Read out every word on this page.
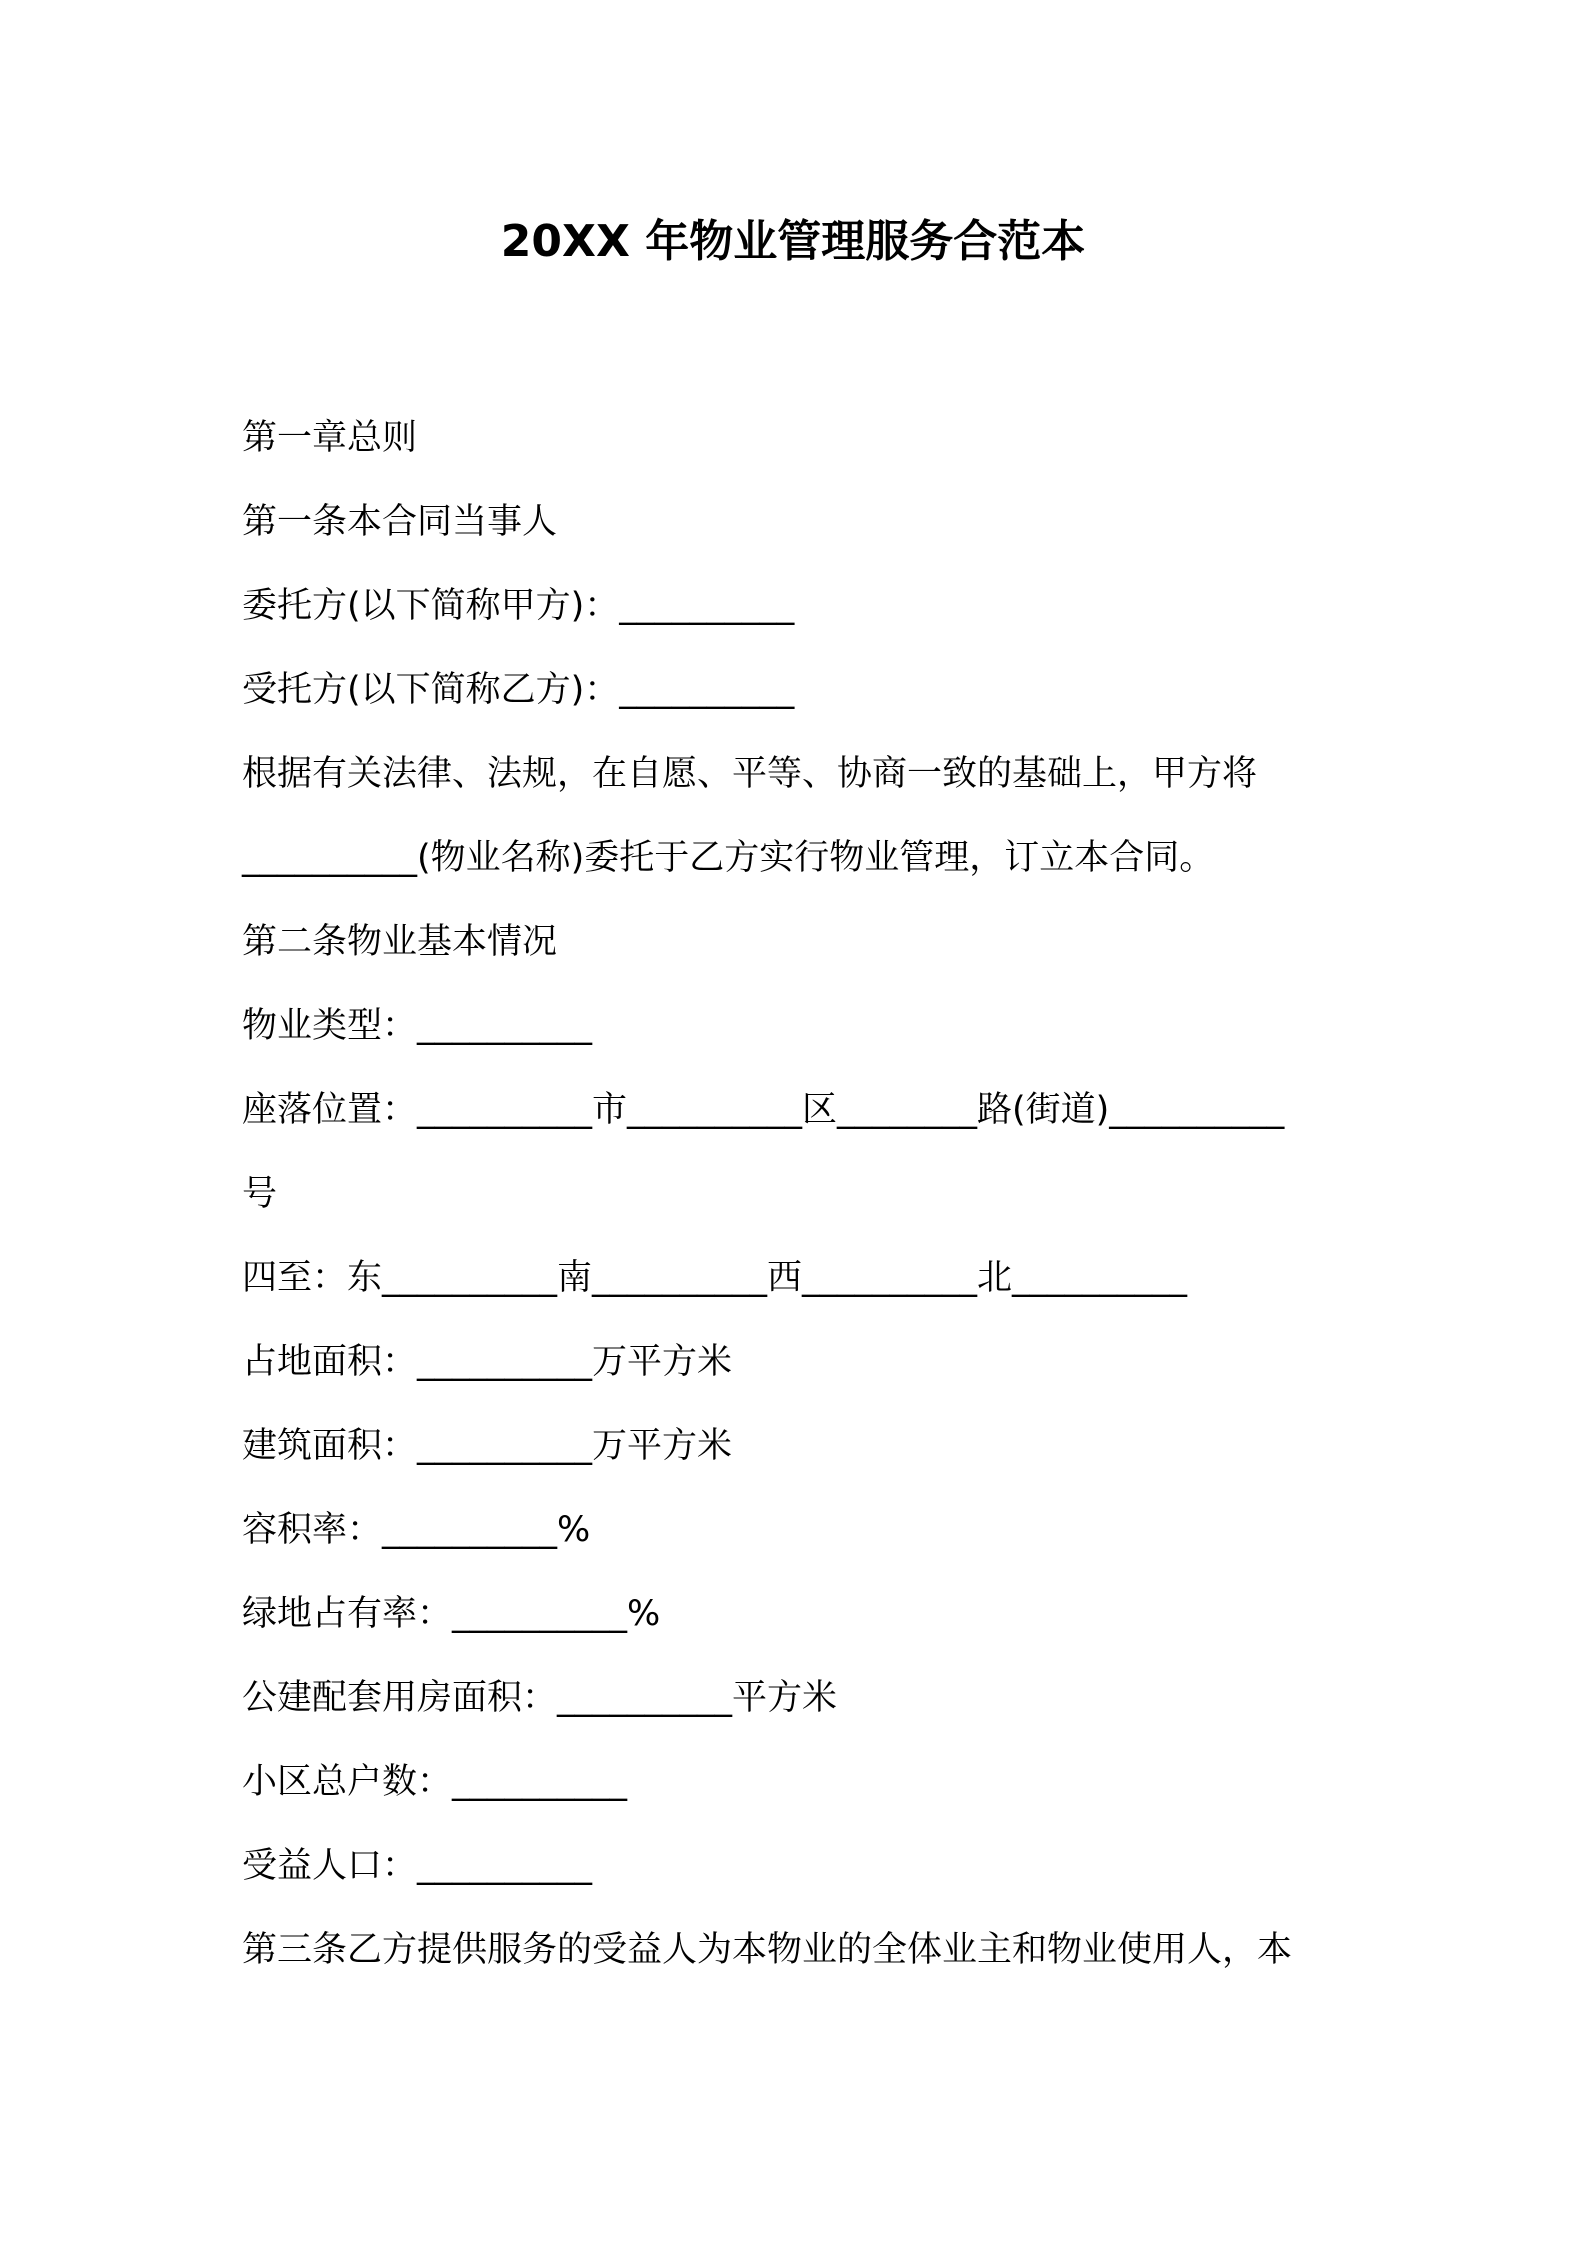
20XX 年物业管理服务合范本

第一章总则

第一条本合同当事人

委托方(以下简称甲方)：__________

受托方(以下简称乙方)：__________

根据有关法律、法规，在自愿、平等、协商一致的基础上，甲方将

__________(物业名称)委托于乙方实行物业管理，订立本合同。

第二条物业基本情况

物业类型：__________

座落位置：__________市__________区________路(街道)__________

号

四至：东__________南__________西__________北__________

占地面积：__________万平方米

建筑面积：__________万平方米

容积率：__________%

绿地占有率：__________%

公建配套用房面积：__________平方米

小区总户数：__________

受益人口：__________

第三条乙方提供服务的受益人为本物业的全体业主和物业使用人，本
